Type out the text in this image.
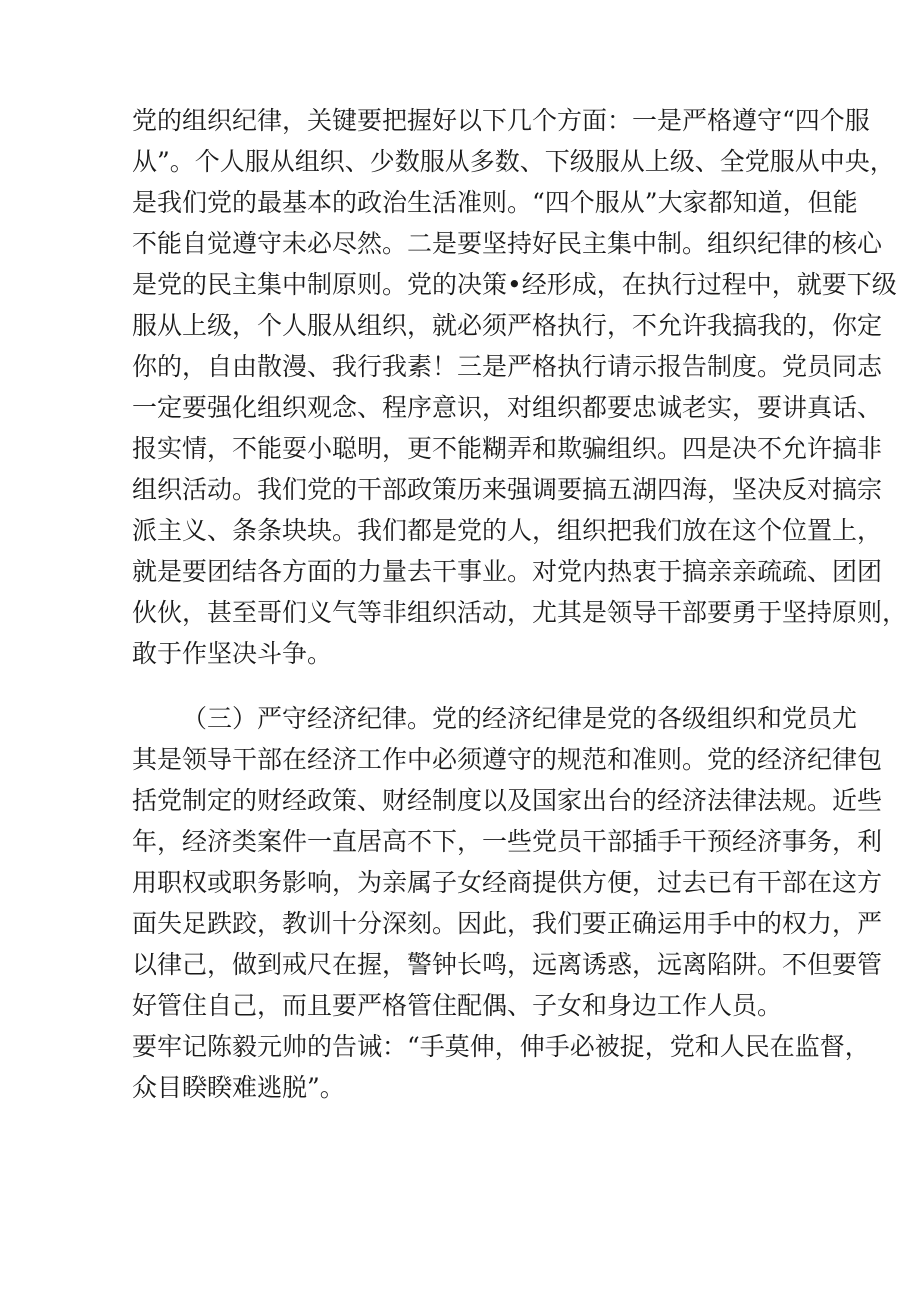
党的组织纪律，关键要把握好以下几个方面：一是严格遵守“四个服
从”。个人服从组织、少数服从多数、下级服从上级、全党服从中央，
是我们党的最基本的政治生活准则。“四个服从”大家都知道，但能
不能自觉遵守未必尽然。二是要坚持好民主集中制。组织纪律的核心
是党的民主集中制原则。党的决策•经形成，在执行过程中，就要下级
服从上级，个人服从组织，就必须严格执行，不允许我搞我的，你定
你的，自由散漫、我行我素！三是严格执行请示报告制度。党员同志
一定要强化组织观念、程序意识，对组织都要忠诚老实，要讲真话、
报实情，不能耍小聪明，更不能糊弄和欺骗组织。四是决不允许搞非
组织活动。我们党的干部政策历来强调要搞五湖四海，坚决反对搞宗
派主义、条条块块。我们都是党的人，组织把我们放在这个位置上，
就是要团结各方面的力量去干事业。对党内热衷于搞亲亲疏疏、团团
伙伙，甚至哥们义气等非组织活动，尤其是领导干部要勇于坚持原则，
敢于作坚决斗争。
（三）严守经济纪律。党的经济纪律是党的各级组织和党员尤
其是领导干部在经济工作中必须遵守的规范和准则。党的经济纪律包
括党制定的财经政策、财经制度以及国家出台的经济法律法规。近些
年，经济类案件一直居高不下，一些党员干部插手干预经济事务，利
用职权或职务影响，为亲属子女经商提供方便，过去已有干部在这方
面失足跌跤，教训十分深刻。因此，我们要正确运用手中的权力，严
以律己，做到戒尺在握，警钟长鸣，远离诱惑，远离陷阱。不但要管
好管住自己，而且要严格管住配偶、子女和身边工作人员。
要牢记陈毅元帅的告诫：“手莫伸，伸手必被捉，党和人民在监督，
众目睽睽难逃脱”。
